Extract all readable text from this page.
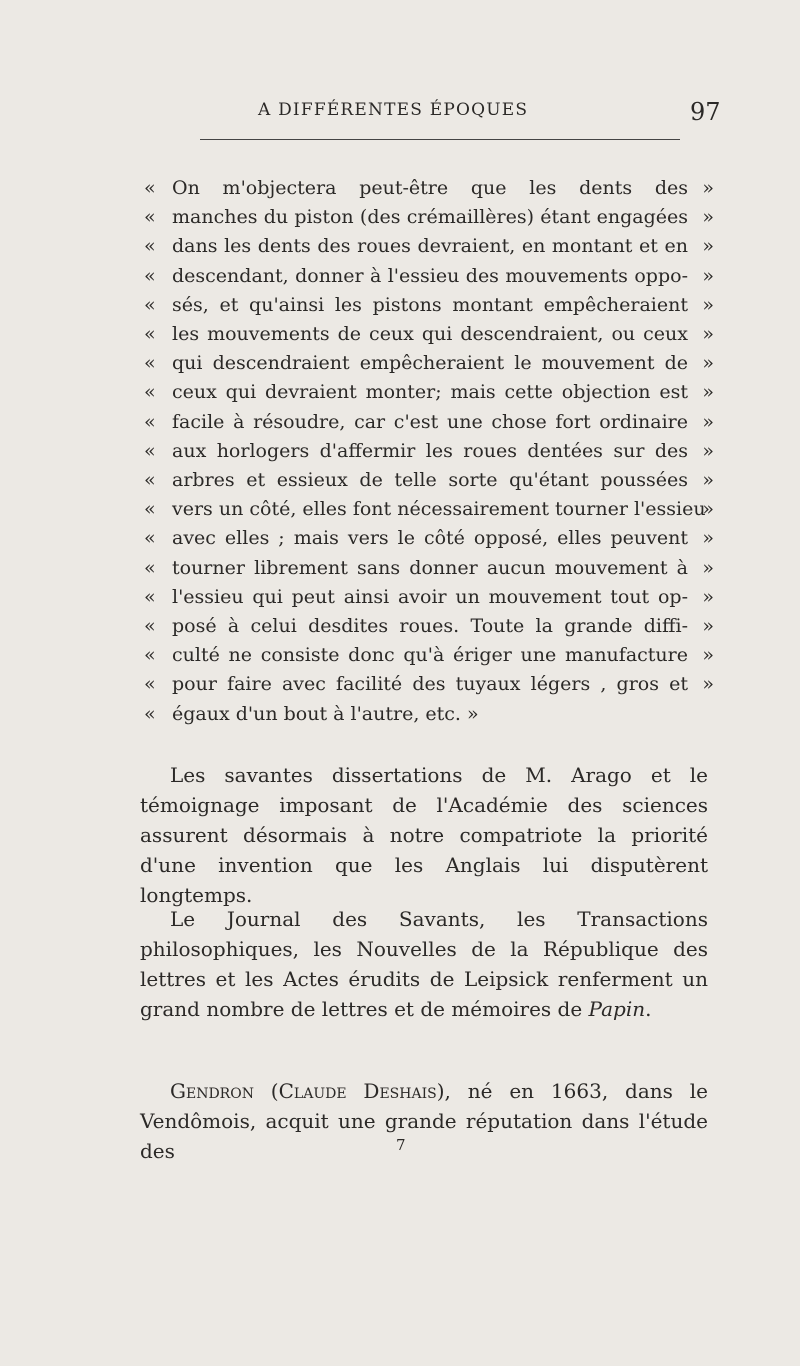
A DIFFÉRENTES ÉPOQUES	97
« On m'objectera peut-être que les dents des »
« manches du piston (des crémaillères) étant engagées »
« dans les dents des roues devraient, en montant et en »
« descendant, donner à l'essieu des mouvements oppo- »
« sés, et qu'ainsi les pistons montant empêcheraient »
« les mouvements de ceux qui descendraient, ou ceux »
« qui descendraient empêcheraient le mouvement de »
« ceux qui devraient monter; mais cette objection est »
« facile à résoudre, car c'est une chose fort ordinaire »
« aux horlogers d'affermir les roues dentées sur des »
« arbres et essieux de telle sorte qu'étant poussées »
« vers un côté, elles font nécessairement tourner l'essieu
»
« avec elles ; mais vers le côté opposé, elles peuvent »
« tourner librement sans donner aucun mouvement à »
« l'essieu qui peut ainsi avoir un mouvement tout op- »
« posé à celui desdites roues. Toute la grande diffi- »
« culté ne consiste donc qu'à ériger une manufacture »
« pour faire avec facilité des tuyaux légers , gros et »
« égaux d'un bout à l'autre, etc. »
Les savantes dissertations de M. Arago et le témoignage imposant de l'Académie des sciences assurent désormais à notre compatriote la priorité d'une invention que les Anglais lui disputèrent longtemps.
Le Journal des Savants, les Transactions philosophiques, les Nouvelles de la République des lettres et les Actes érudits de Leipsick renferment un grand nombre de lettres et de mémoires de Papin.
Gendron (Claude Deshais), né en 1663, dans le Vendômois, acquit une grande réputation dans l'étude des	7
